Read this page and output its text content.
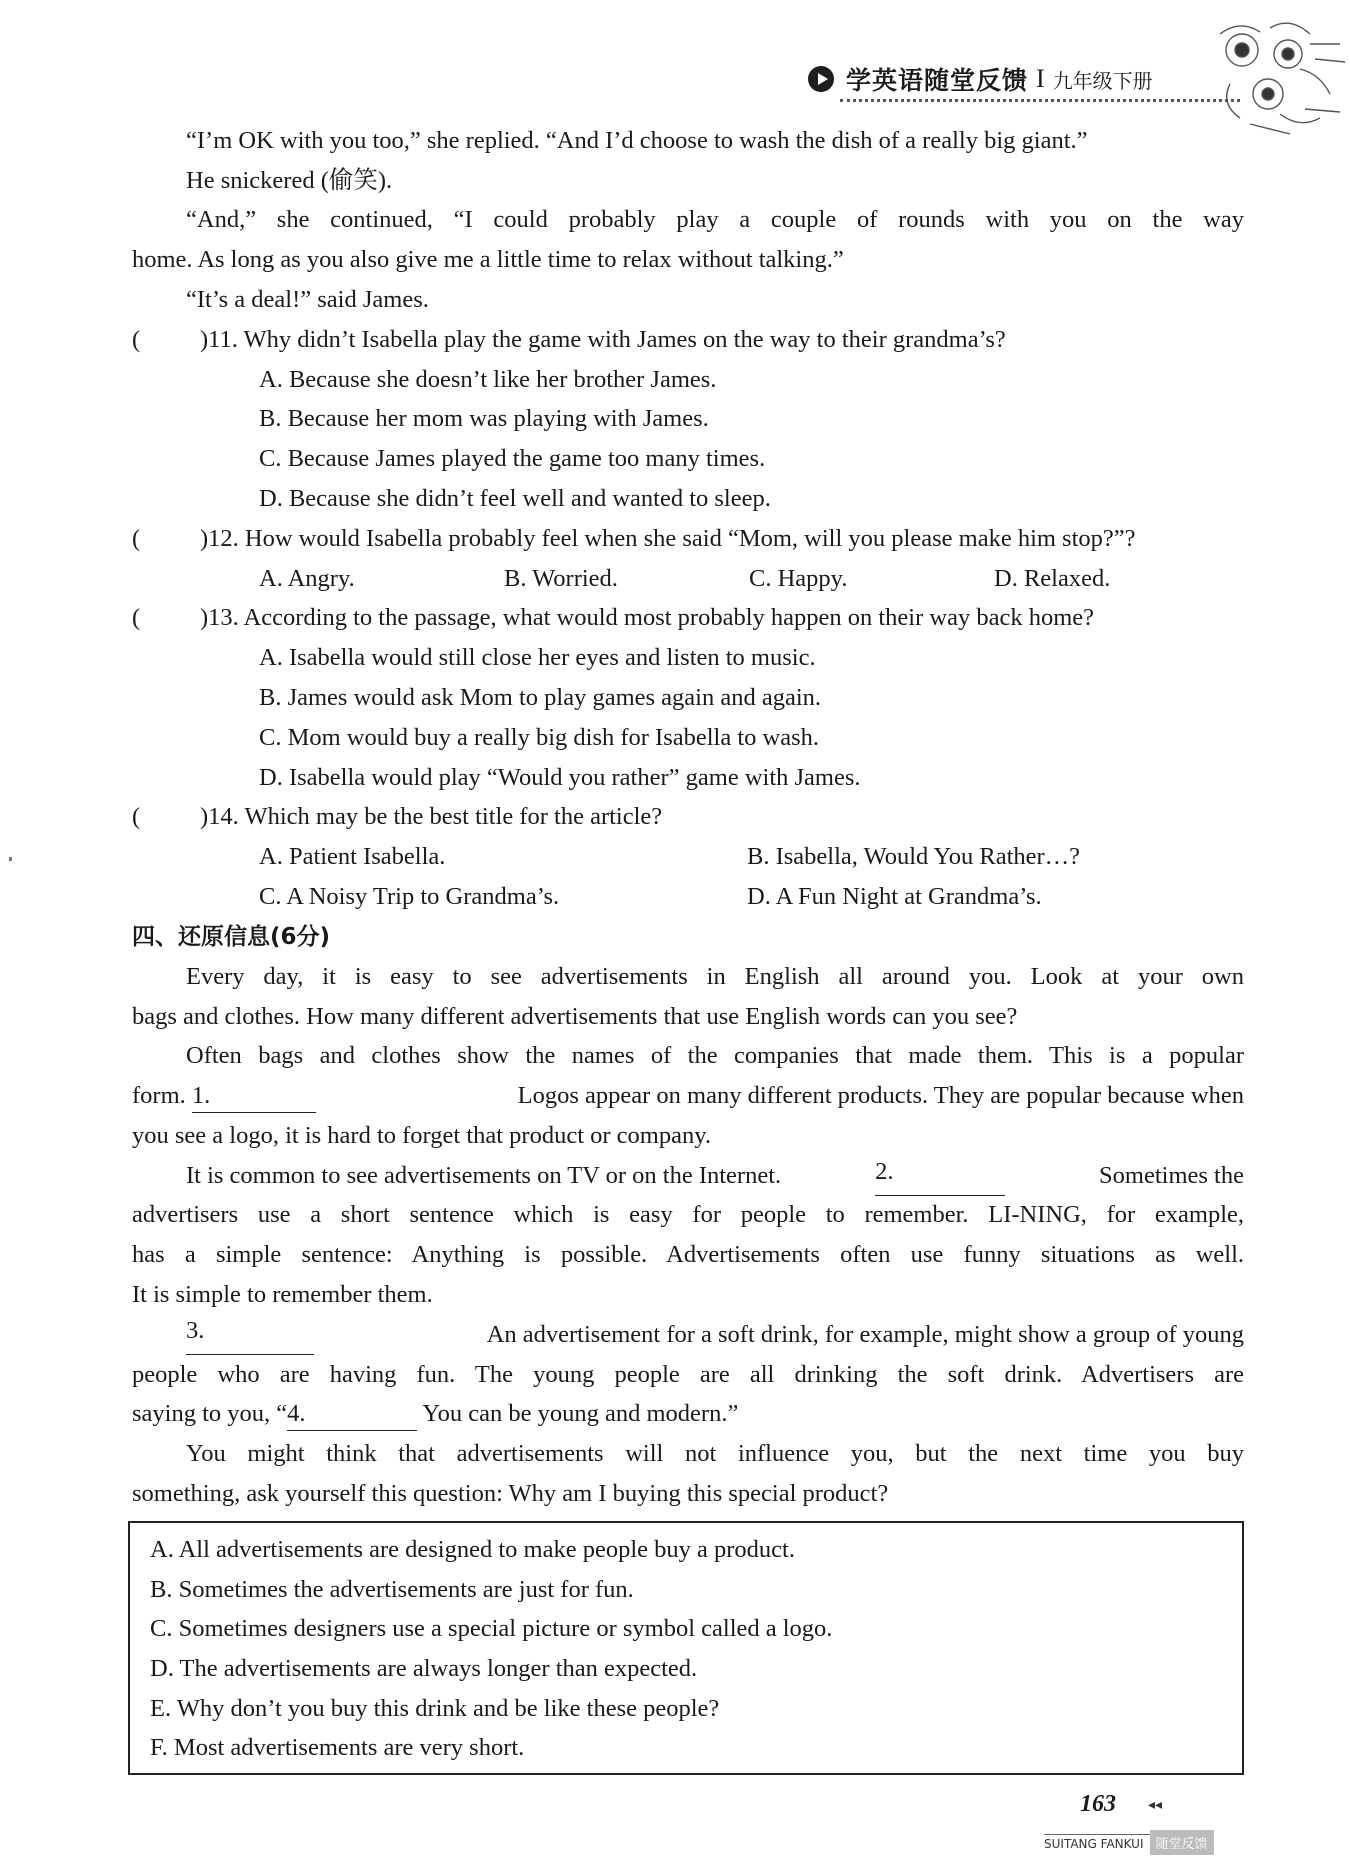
学英语随堂反馈 I 九年级下册
“I’m OK with you too,” she replied. “And I’d choose to wash the dish of a really big giant.”
He snickered (偷笑).
“And,” she continued, “I could probably play a couple of rounds with you on the way
home. As long as you also give me a little time to relax without talking.”
“It’s a deal!” said James.
( )11. Why didn’t Isabella play the game with James on the way to their grandma’s?
A. Because she doesn’t like her brother James.
B. Because her mom was playing with James.
C. Because James played the game too many times.
D. Because she didn’t feel well and wanted to sleep.
( )12. How would Isabella probably feel when she said “Mom, will you please make him stop?”?
A. Angry.	B. Worried.	C. Happy.	D. Relaxed.
( )13. According to the passage, what would most probably happen on their way back home?
A. Isabella would still close her eyes and listen to music.
B. James would ask Mom to play games again and again.
C. Mom would buy a really big dish for Isabella to wash.
D. Isabella would play “Would you rather” game with James.
( )14. Which may be the best title for the article?
A. Patient Isabella.	B. Isabella, Would You Rather…?
C. A Noisy Trip to Grandma’s.	D. A Fun Night at Grandma’s.
四、还原信息(6分)
Every day, it is easy to see advertisements in English all around you. Look at your own
bags and clothes. How many different advertisements that use English words can you see?
Often bags and clothes show the names of the companies that made them. This is a popular
form. 1.	Logos appear on many different products. They are popular because when
you see a logo, it is hard to forget that product or company.
It is common to see advertisements on TV or on the Internet.	2.	Sometimes the
advertisers use a short sentence which is easy for people to remember. LI-NING, for example,
has a simple sentence: Anything is possible. Advertisements often use funny situations as well.
It is simple to remember them.
3.	An advertisement for a soft drink, for example, might show a group of young
people who are having fun. The young people are all drinking the soft drink. Advertisers are
saying to you, “4.	You can be young and modern.”
You might think that advertisements will not influence you, but the next time you buy
something, ask yourself this question: Why am I buying this special product?
A. All advertisements are designed to make people buy a product.
B. Sometimes the advertisements are just for fun.
C. Sometimes designers use a special picture or symbol called a logo.
D. The advertisements are always longer than expected.
E. Why don’t you buy this drink and be like these people?
F. Most advertisements are very short.
163 ◂◂
SUITANG FANKUI 随堂反馈
